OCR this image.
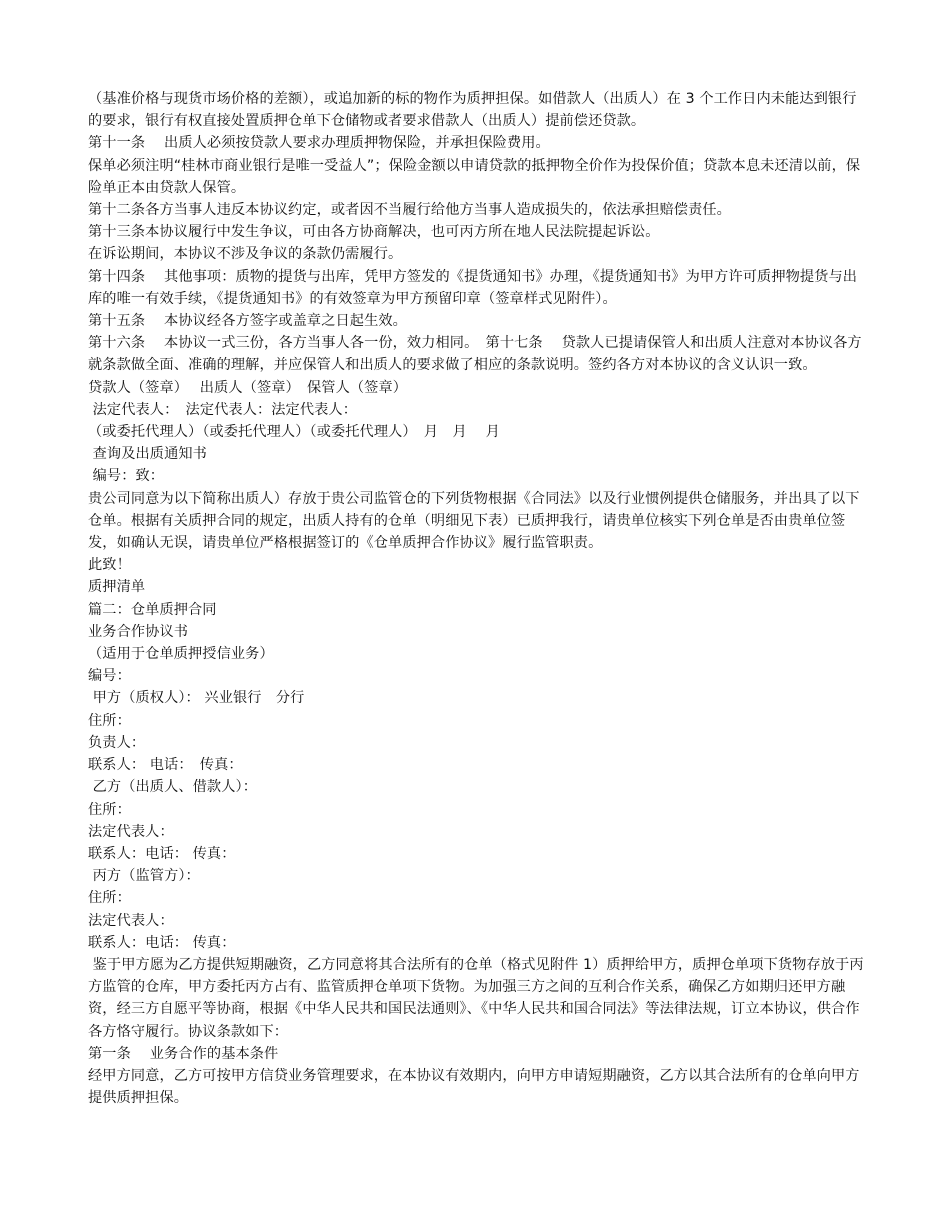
（基准价格与现货市场价格的差额），或追加新的标的物作为质押担保。如借款人（出质人）在 3 个工作日内未能达到银行的要求，银行有权直接处置质押仓单下仓储物或者要求借款人（出质人）提前偿还贷款。

第十一条　 出质人必须按贷款人要求办理质押物保险，并承担保险费用。

保单必须注明“桂林市商业银行是唯一受益人”；保险金额以申请贷款的抵押物全价作为投保价值；贷款本息未还清以前，保险单正本由贷款人保管。

第十二条各方当事人违反本协议约定，或者因不当履行给他方当事人造成损失的，依法承担赔偿责任。

第十三条本协议履行中发生争议，可由各方协商解决，也可丙方所在地人民法院提起诉讼。

在诉讼期间，本协议不涉及争议的条款仍需履行。

第十四条　 其他事项：质物的提货与出库，凭甲方签发的《提货通知书》办理，《提货通知书》为甲方许可质押物提货与出库的唯一有效手续，《提货通知书》的有效签章为甲方预留印章（签章样式见附件）。

第十五条　 本协议经各方签字或盖章之日起生效。

第十六条　 本协议一式三份，各方当事人各一份，效力相同。　第十七条　 贷款人已提请保管人和出质人注意对本协议各方就条款做全面、准确的理解，并应保管人和出质人的要求做了相应的条款说明。签约各方对本协议的含义认识一致。

贷款人（签章）　 出质人（签章）　保管人（签章）

法定代表人：　法定代表人：法定代表人：

（或委托代理人）（或委托代理人）（或委托代理人）　月　月　 月

查询及出质通知书

编号：致：

贵公司同意为以下简称出质人）存放于贵公司监管仓的下列货物根据《合同法》以及行业惯例提供仓储服务，并出具了以下仓单。根据有关质押合同的规定，出质人持有的仓单（明细见下表）已质押我行，请贵单位核实下列仓单是否由贵单位签发，如确认无误，请贵单位严格根据签订的《仓单质押合作协议》履行监管职责。

此致！

质押清单

篇二：仓单质押合同

业务合作协议书

（适用于仓单质押授信业务）

编号：

甲方（质权人）： 兴业银行　分行

住所：

负责人：

联系人： 电话：　传真：

乙方（出质人、借款人）：

住所：

法定代表人：

联系人：电话： 传真：

丙方（监管方）：

住所：

法定代表人：

联系人：电话： 传真：

鉴于甲方愿为乙方提供短期融资，乙方同意将其合法所有的仓单（格式见附件 1）质押给甲方，质押仓单项下货物存放于丙方监管的仓库，甲方委托丙方占有、监管质押仓单项下货物。为加强三方之间的互利合作关系，确保乙方如期归还甲方融资，经三方自愿平等协商，根据《中华人民共和国民法通则》、《中华人民共和国合同法》等法律法规，订立本协议，供合作各方恪守履行。协议条款如下：

第一条　 业务合作的基本条件

经甲方同意，乙方可按甲方信贷业务管理要求，在本协议有效期内，向甲方申请短期融资，乙方以其合法所有的仓单向甲方提供质押担保。
